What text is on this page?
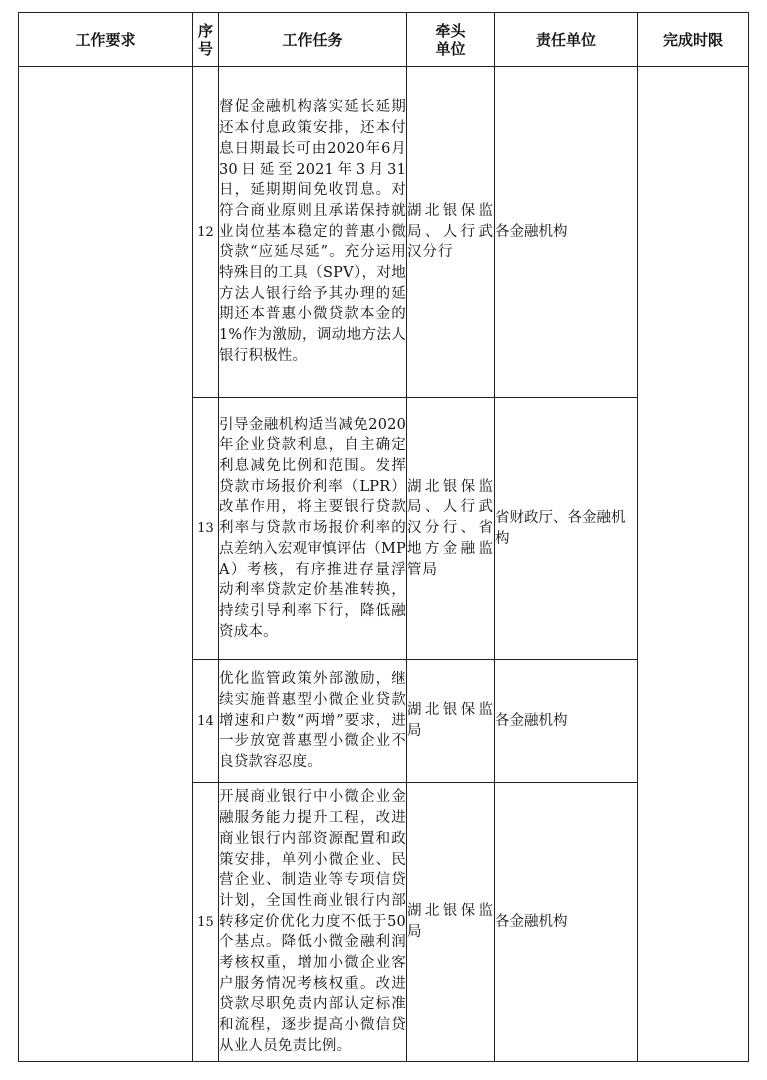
工作要求	序号	工作任务	牵头单位	责任单位	完成时限
	12	督促金融机构落实延长延期还本付息政策安排，还本付息日期最长可由2020年6月30日延至2021年3月31日，延期期间免收罚息。对符合商业原则且承诺保持就业岗位基本稳定的普惠小微贷款“应延尽延”。充分运用特殊目的工具（SPV），对地方法人银行给予其办理的延期还本普惠小微贷款本金的1%作为激励，调动地方法人银行积极性。	湖北银保监局、人行武汉分行	各金融机构	
	13	引导金融机构适当减免2020年企业贷款利息，自主确定利息减免比例和范围。发挥贷款市场报价利率（LPR）改革作用，将主要银行贷款利率与贷款市场报价利率的点差纳入宏观审慎评估（MPA）考核，有序推进存量浮动利率贷款定价基准转换，持续引导利率下行，降低融资成本。	湖北银保监局、人行武汉分行、省地方金融监管局	省财政厅、各金融机构	
	14	优化监管政策外部激励，继续实施普惠型小微企业贷款增速和户数“两增”要求，进一步放宽普惠型小微企业不良贷款容忍度。	湖北银保监局	各金融机构	
	15	开展商业银行中小微企业金融服务能力提升工程，改进商业银行内部资源配置和政策安排，单列小微企业、民营企业、制造业等专项信贷计划，全国性商业银行内部转移定价优化力度不低于50个基点。降低小微金融利润考核权重，增加小微企业客户服务情况考核权重。改进贷款尽职免责内部认定标准和流程，逐步提高小微信贷从业人员免责比例。	湖北银保监局	各金融机构	
